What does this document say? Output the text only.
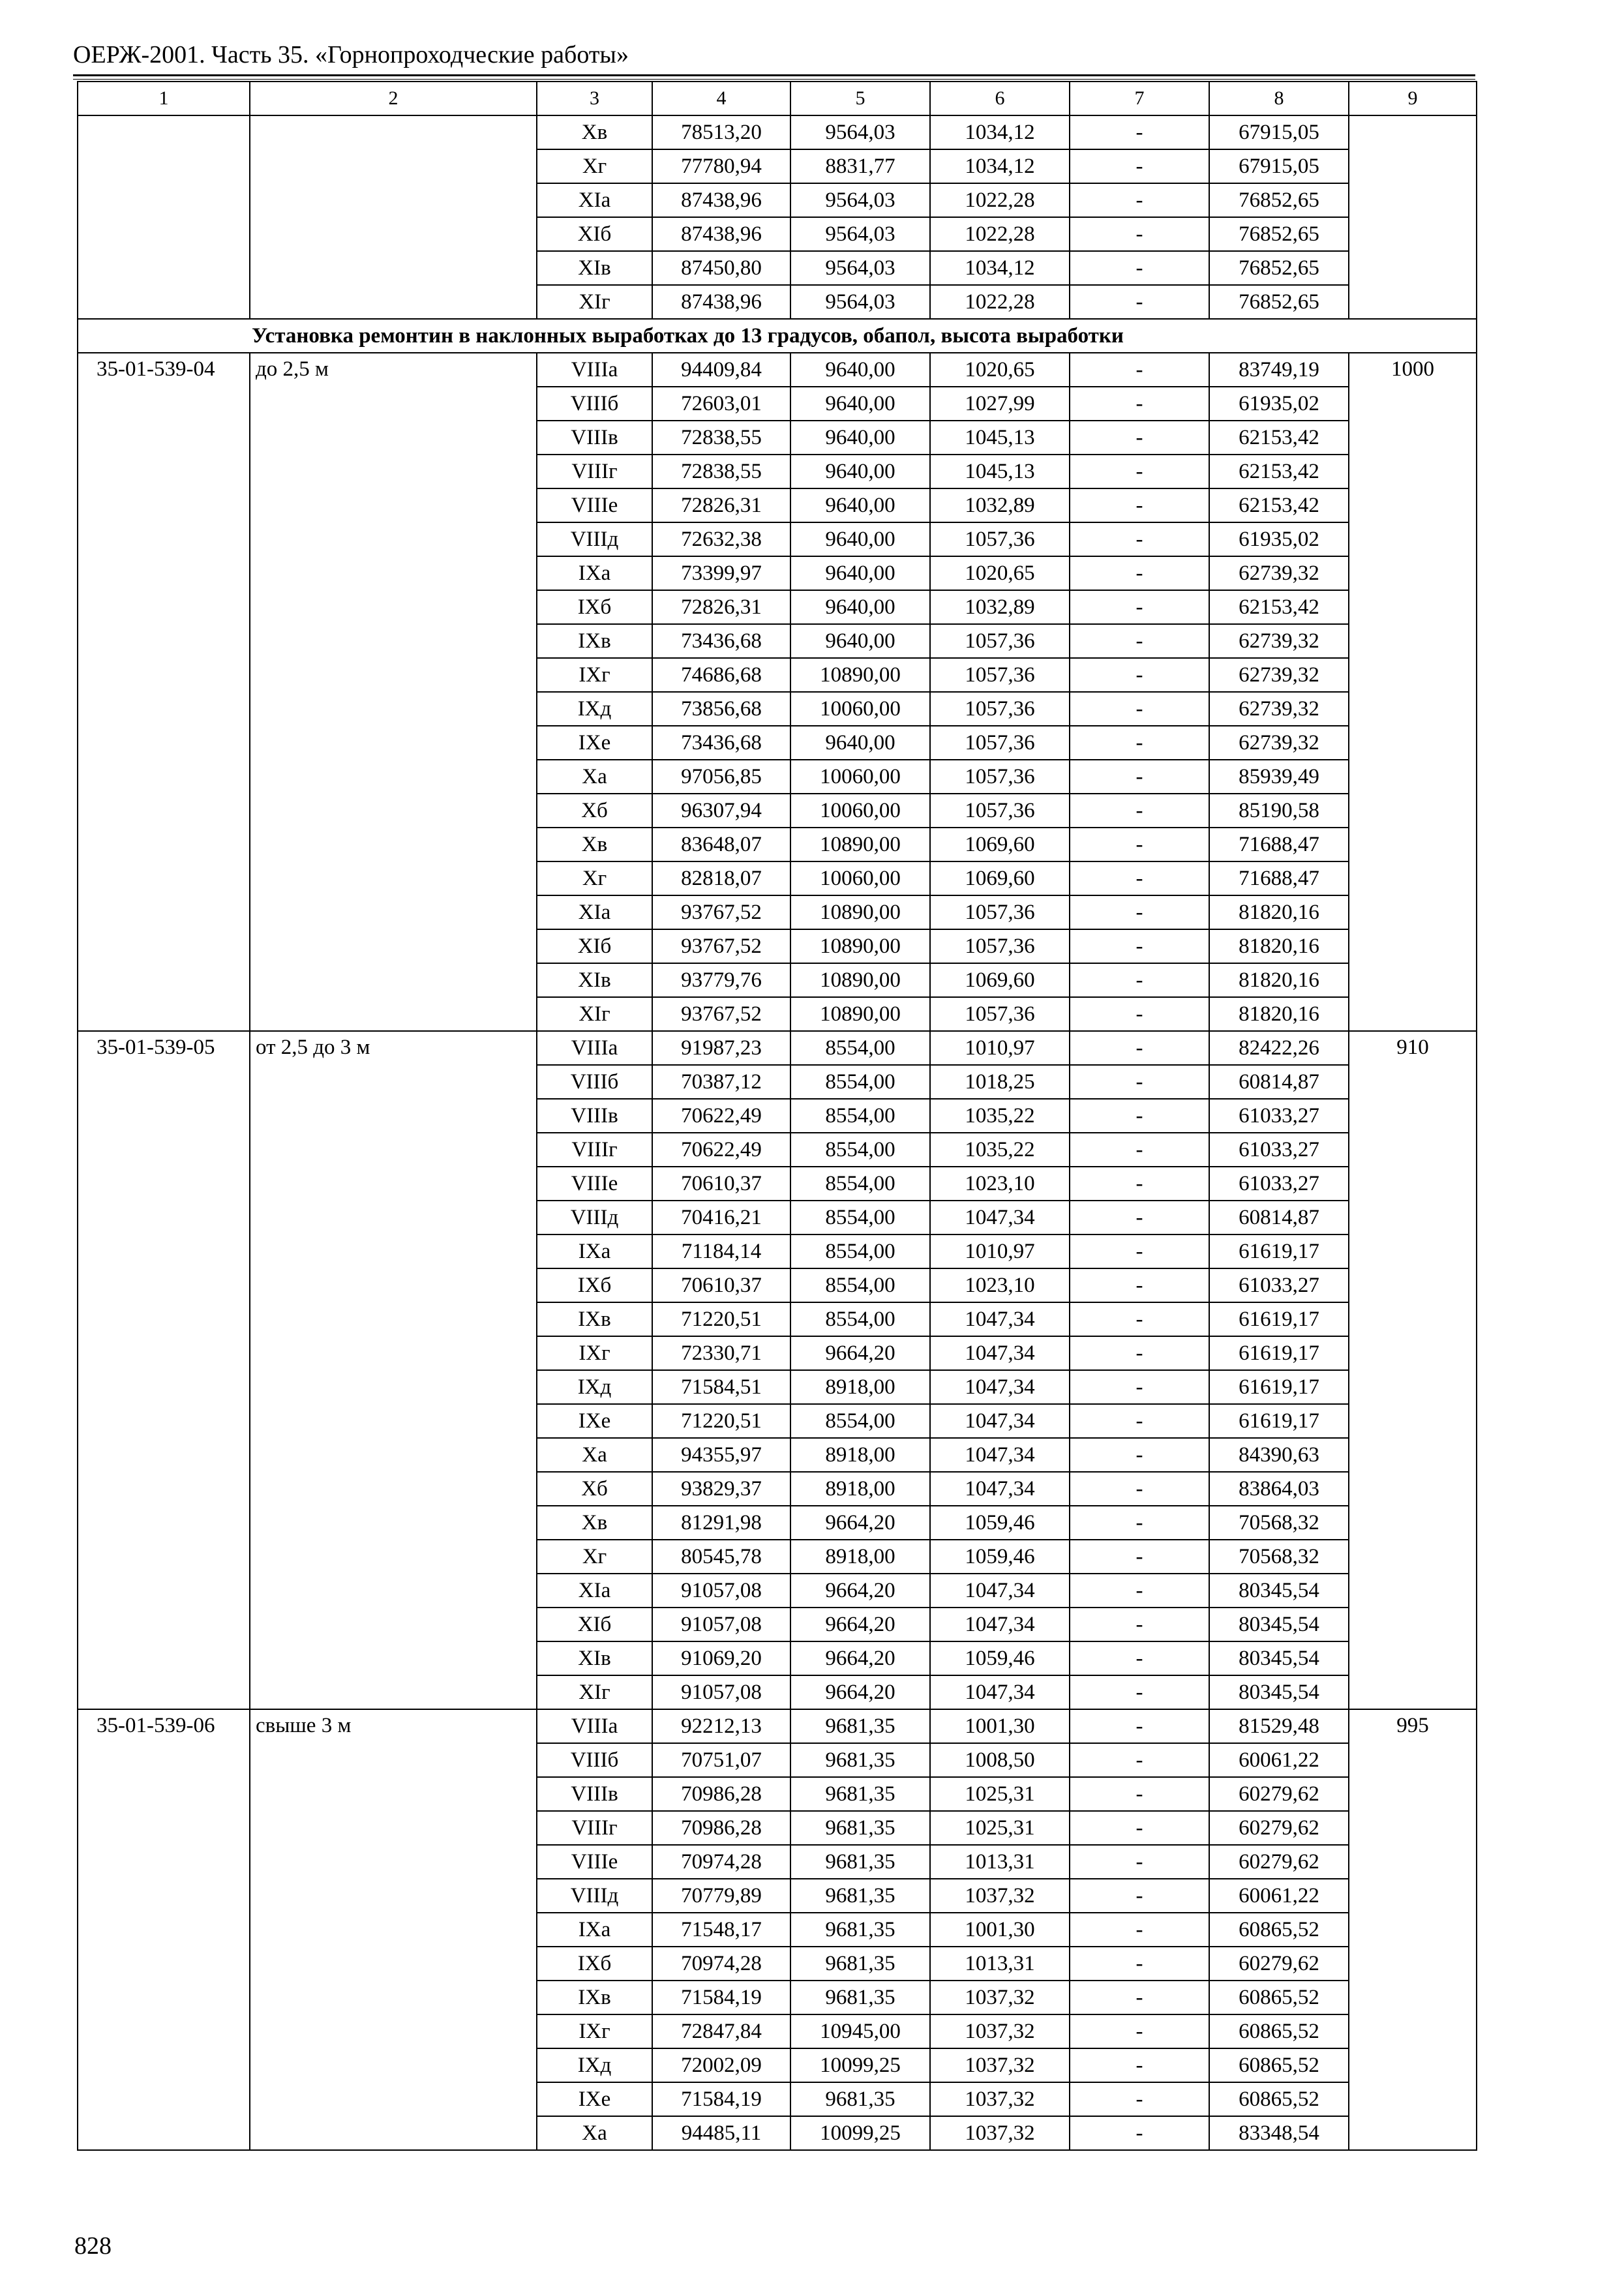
ОЕРЖ-2001. Часть 35. «Горнопроходческие работы»
1	2	3	4	5	6	7	8	9
		Xв	78513,20	9564,03	1034,12	-	67915,05	
		Xг	77780,94	8831,77	1034,12	-	67915,05	
		XIа	87438,96	9564,03	1022,28	-	76852,65	
		XIб	87438,96	9564,03	1022,28	-	76852,65	
		XIв	87450,80	9564,03	1034,12	-	76852,65	
		XIг	87438,96	9564,03	1022,28	-	76852,65	
Установка ремонтин в наклонных выработках до 13 градусов, обапол, высота выработки								
35-01-539-04	до 2,5 м	VIIIа	94409,84	9640,00	1020,65	-	83749,19	1000
		VIIIб	72603,01	9640,00	1027,99	-	61935,02	
		VIIIв	72838,55	9640,00	1045,13	-	62153,42	
		VIIIг	72838,55	9640,00	1045,13	-	62153,42	
		VIIIе	72826,31	9640,00	1032,89	-	62153,42	
		VIIIд	72632,38	9640,00	1057,36	-	61935,02	
		IXа	73399,97	9640,00	1020,65	-	62739,32	
		IXб	72826,31	9640,00	1032,89	-	62153,42	
		IXв	73436,68	9640,00	1057,36	-	62739,32	
		IXг	74686,68	10890,00	1057,36	-	62739,32	
		IXд	73856,68	10060,00	1057,36	-	62739,32	
		IXе	73436,68	9640,00	1057,36	-	62739,32	
		Xа	97056,85	10060,00	1057,36	-	85939,49	
		Xб	96307,94	10060,00	1057,36	-	85190,58	
		Xв	83648,07	10890,00	1069,60	-	71688,47	
		Xг	82818,07	10060,00	1069,60	-	71688,47	
		XIа	93767,52	10890,00	1057,36	-	81820,16	
		XIб	93767,52	10890,00	1057,36	-	81820,16	
		XIв	93779,76	10890,00	1069,60	-	81820,16	
		XIг	93767,52	10890,00	1057,36	-	81820,16	
35-01-539-05	от 2,5 до 3 м	VIIIа	91987,23	8554,00	1010,97	-	82422,26	910
		VIIIб	70387,12	8554,00	1018,25	-	60814,87	
		VIIIв	70622,49	8554,00	1035,22	-	61033,27	
		VIIIг	70622,49	8554,00	1035,22	-	61033,27	
		VIIIе	70610,37	8554,00	1023,10	-	61033,27	
		VIIIд	70416,21	8554,00	1047,34	-	60814,87	
		IXа	71184,14	8554,00	1010,97	-	61619,17	
		IXб	70610,37	8554,00	1023,10	-	61033,27	
		IXв	71220,51	8554,00	1047,34	-	61619,17	
		IXг	72330,71	9664,20	1047,34	-	61619,17	
		IXд	71584,51	8918,00	1047,34	-	61619,17	
		IXе	71220,51	8554,00	1047,34	-	61619,17	
		Xа	94355,97	8918,00	1047,34	-	84390,63	
		Xб	93829,37	8918,00	1047,34	-	83864,03	
		Xв	81291,98	9664,20	1059,46	-	70568,32	
		Xг	80545,78	8918,00	1059,46	-	70568,32	
		XIа	91057,08	9664,20	1047,34	-	80345,54	
		XIб	91057,08	9664,20	1047,34	-	80345,54	
		XIв	91069,20	9664,20	1059,46	-	80345,54	
		XIг	91057,08	9664,20	1047,34	-	80345,54	
35-01-539-06	свыше 3 м	VIIIа	92212,13	9681,35	1001,30	-	81529,48	995
		VIIIб	70751,07	9681,35	1008,50	-	60061,22	
		VIIIв	70986,28	9681,35	1025,31	-	60279,62	
		VIIIг	70986,28	9681,35	1025,31	-	60279,62	
		VIIIе	70974,28	9681,35	1013,31	-	60279,62	
		VIIIд	70779,89	9681,35	1037,32	-	60061,22	
		IXа	71548,17	9681,35	1001,30	-	60865,52	
		IXб	70974,28	9681,35	1013,31	-	60279,62	
		IXв	71584,19	9681,35	1037,32	-	60865,52	
		IXг	72847,84	10945,00	1037,32	-	60865,52	
		IXд	72002,09	10099,25	1037,32	-	60865,52	
		IXе	71584,19	9681,35	1037,32	-	60865,52	
		Xа	94485,11	10099,25	1037,32	-	83348,54	
828
